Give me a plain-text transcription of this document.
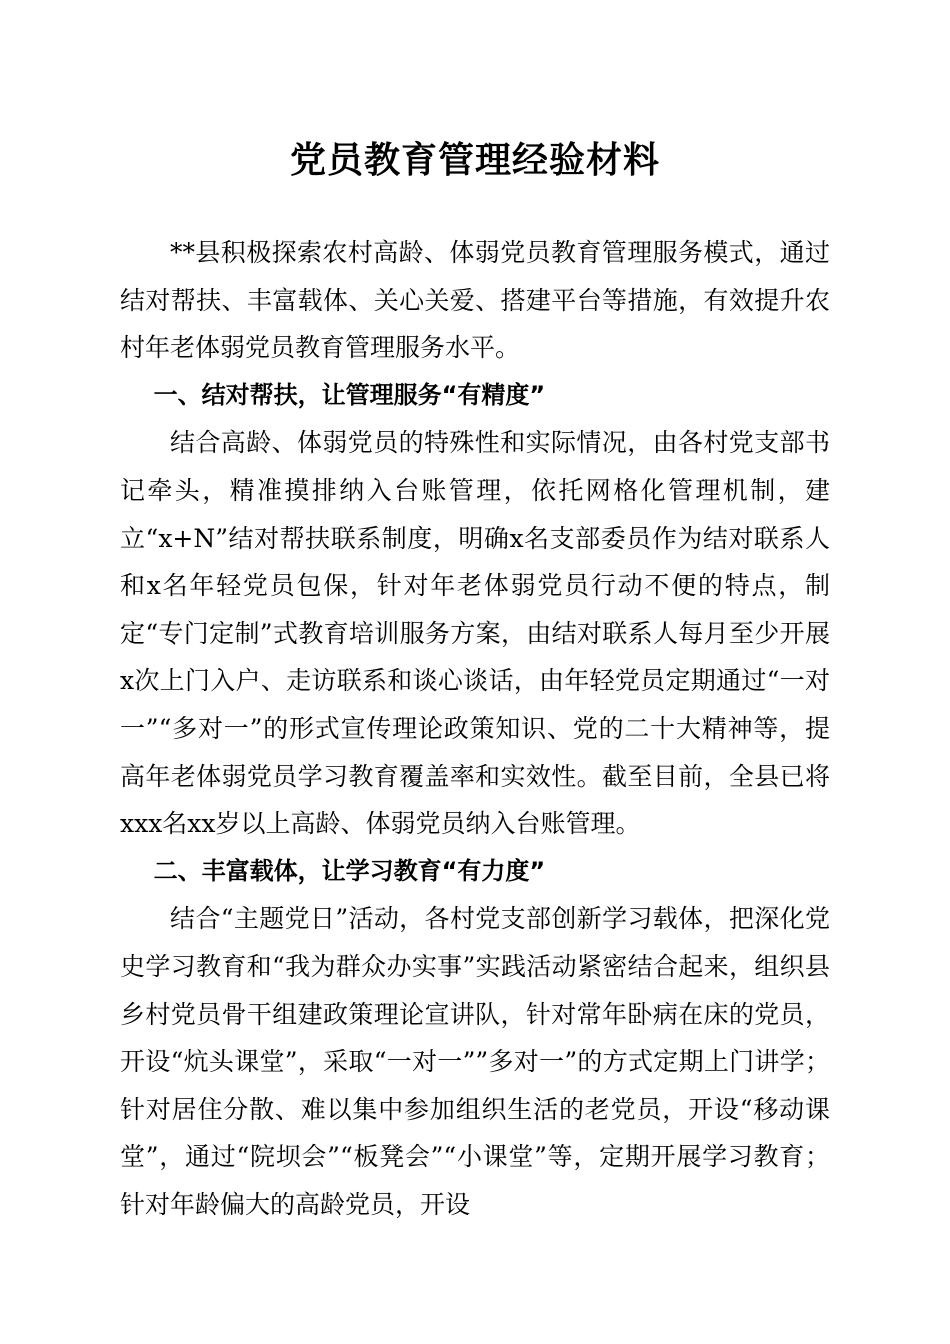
党员教育管理经验材料

**县积极探索农村高龄、体弱党员教育管理服务模式，通过结对帮扶、丰富载体、关心关爱、搭建平台等措施，有效提升农村年老体弱党员教育管理服务水平。

一、结对帮扶，让管理服务“有精度”

结合高龄、体弱党员的特殊性和实际情况，由各村党支部书记牵头，精准摸排纳入台账管理，依托网格化管理机制，建立“x+N”结对帮扶联系制度，明确x名支部委员作为结对联系人和x名年轻党员包保，针对年老体弱党员行动不便的特点，制定“专门定制”式教育培训服务方案，由结对联系人每月至少开展x次上门入户、走访联系和谈心谈话，由年轻党员定期通过“一对一”“多对一”的形式宣传理论政策知识、党的二十大精神等，提高年老体弱党员学习教育覆盖率和实效性。截至目前，全县已将xxx名xx岁以上高龄、体弱党员纳入台账管理。

二、丰富载体，让学习教育“有力度”

结合“主题党日”活动，各村党支部创新学习载体，把深化党史学习教育和“我为群众办实事”实践活动紧密结合起来，组织县乡村党员骨干组建政策理论宣讲队，针对常年卧病在床的党员，开设“炕头课堂”，采取“一对一””多对一”的方式定期上门讲学；针对居住分散、难以集中参加组织生活的老党员，开设“移动课堂”，通过“院坝会”“板凳会”“小课堂”等，定期开展学习教育；针对年龄偏大的高龄党员，开设
